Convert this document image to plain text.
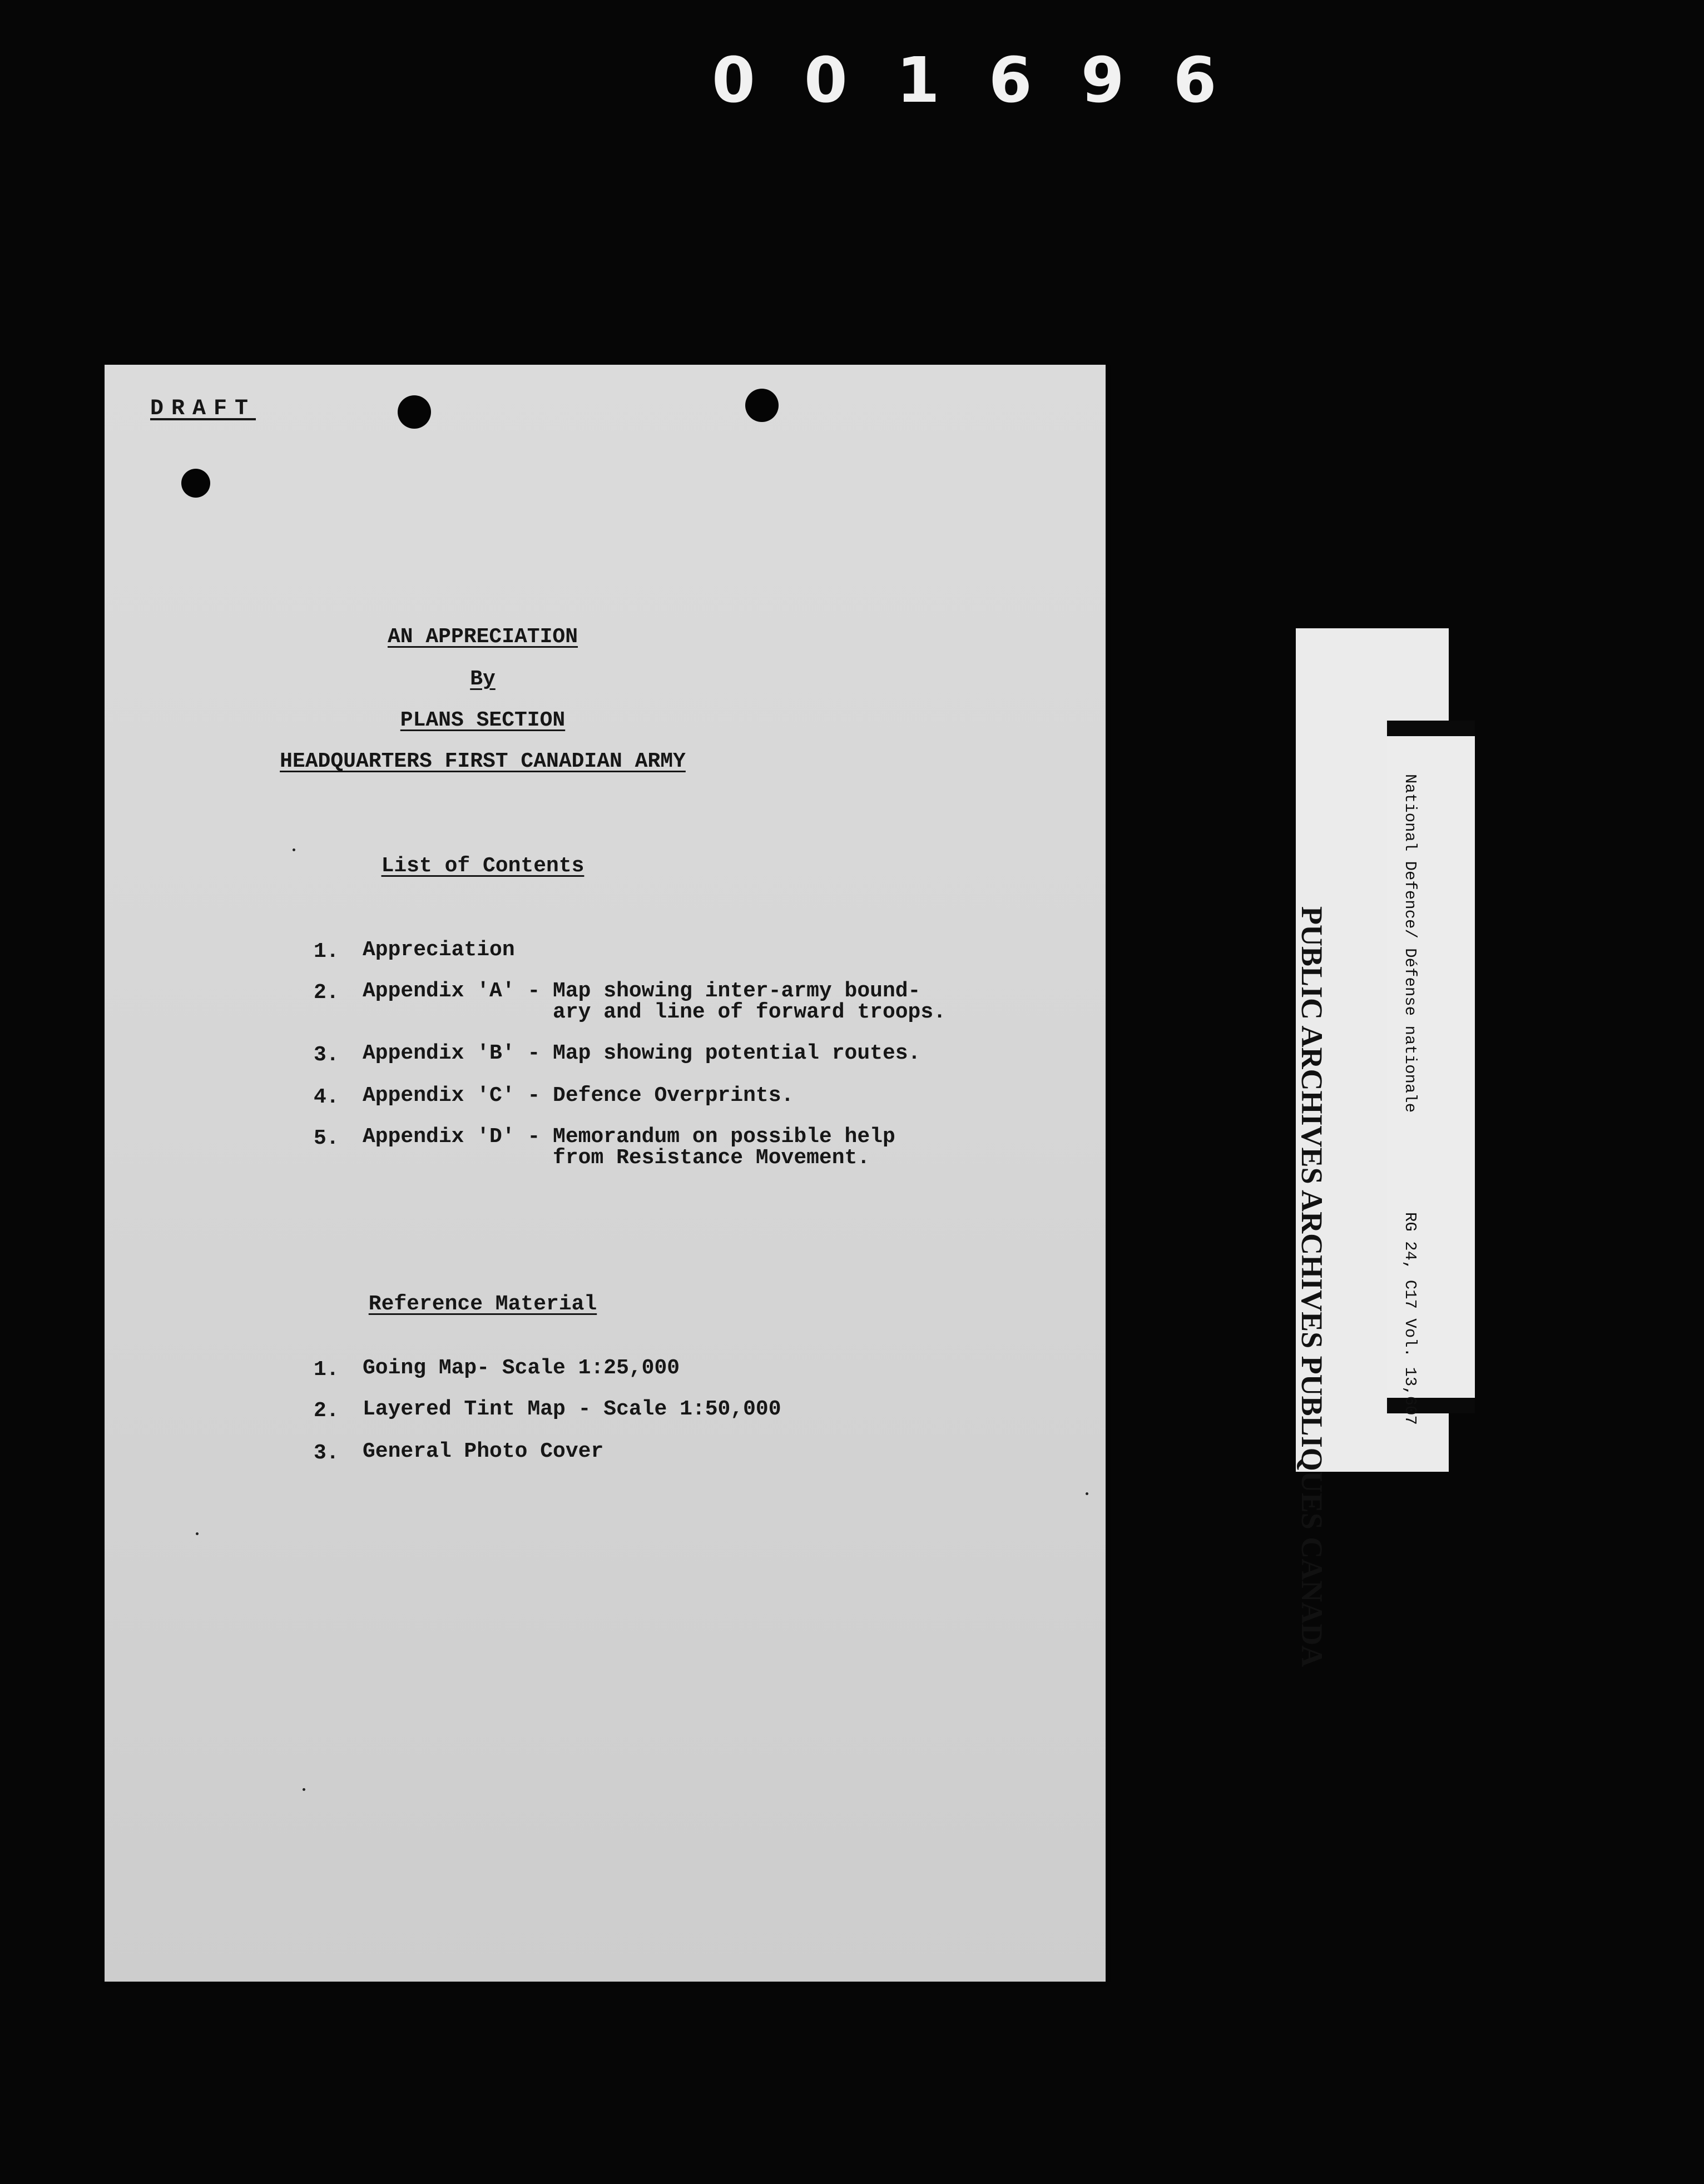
001696
DRAFT
AN APPRECIATION
By
PLANS SECTION
HEADQUARTERS FIRST CANADIAN ARMY
List of Contents
1. Appreciation
2. Appendix 'A' - Map showing inter-army bound-
ary and line of forward troops.
3. Appendix 'B' - Map showing potential routes.
4. Appendix 'C' - Defence Overprints.
5. Appendix 'D' - Memorandum on possible help
from Resistance Movement.
Reference Material
1. Going Map- Scale 1:25,000
2. Layered Tint Map - Scale 1:50,000
3. General Photo Cover
National Defence/ Défense nationale
PUBLIC ARCHIVES ARCHIVES PUBLIQUES CANADA	RG 24, C17 Vol. 13,607
